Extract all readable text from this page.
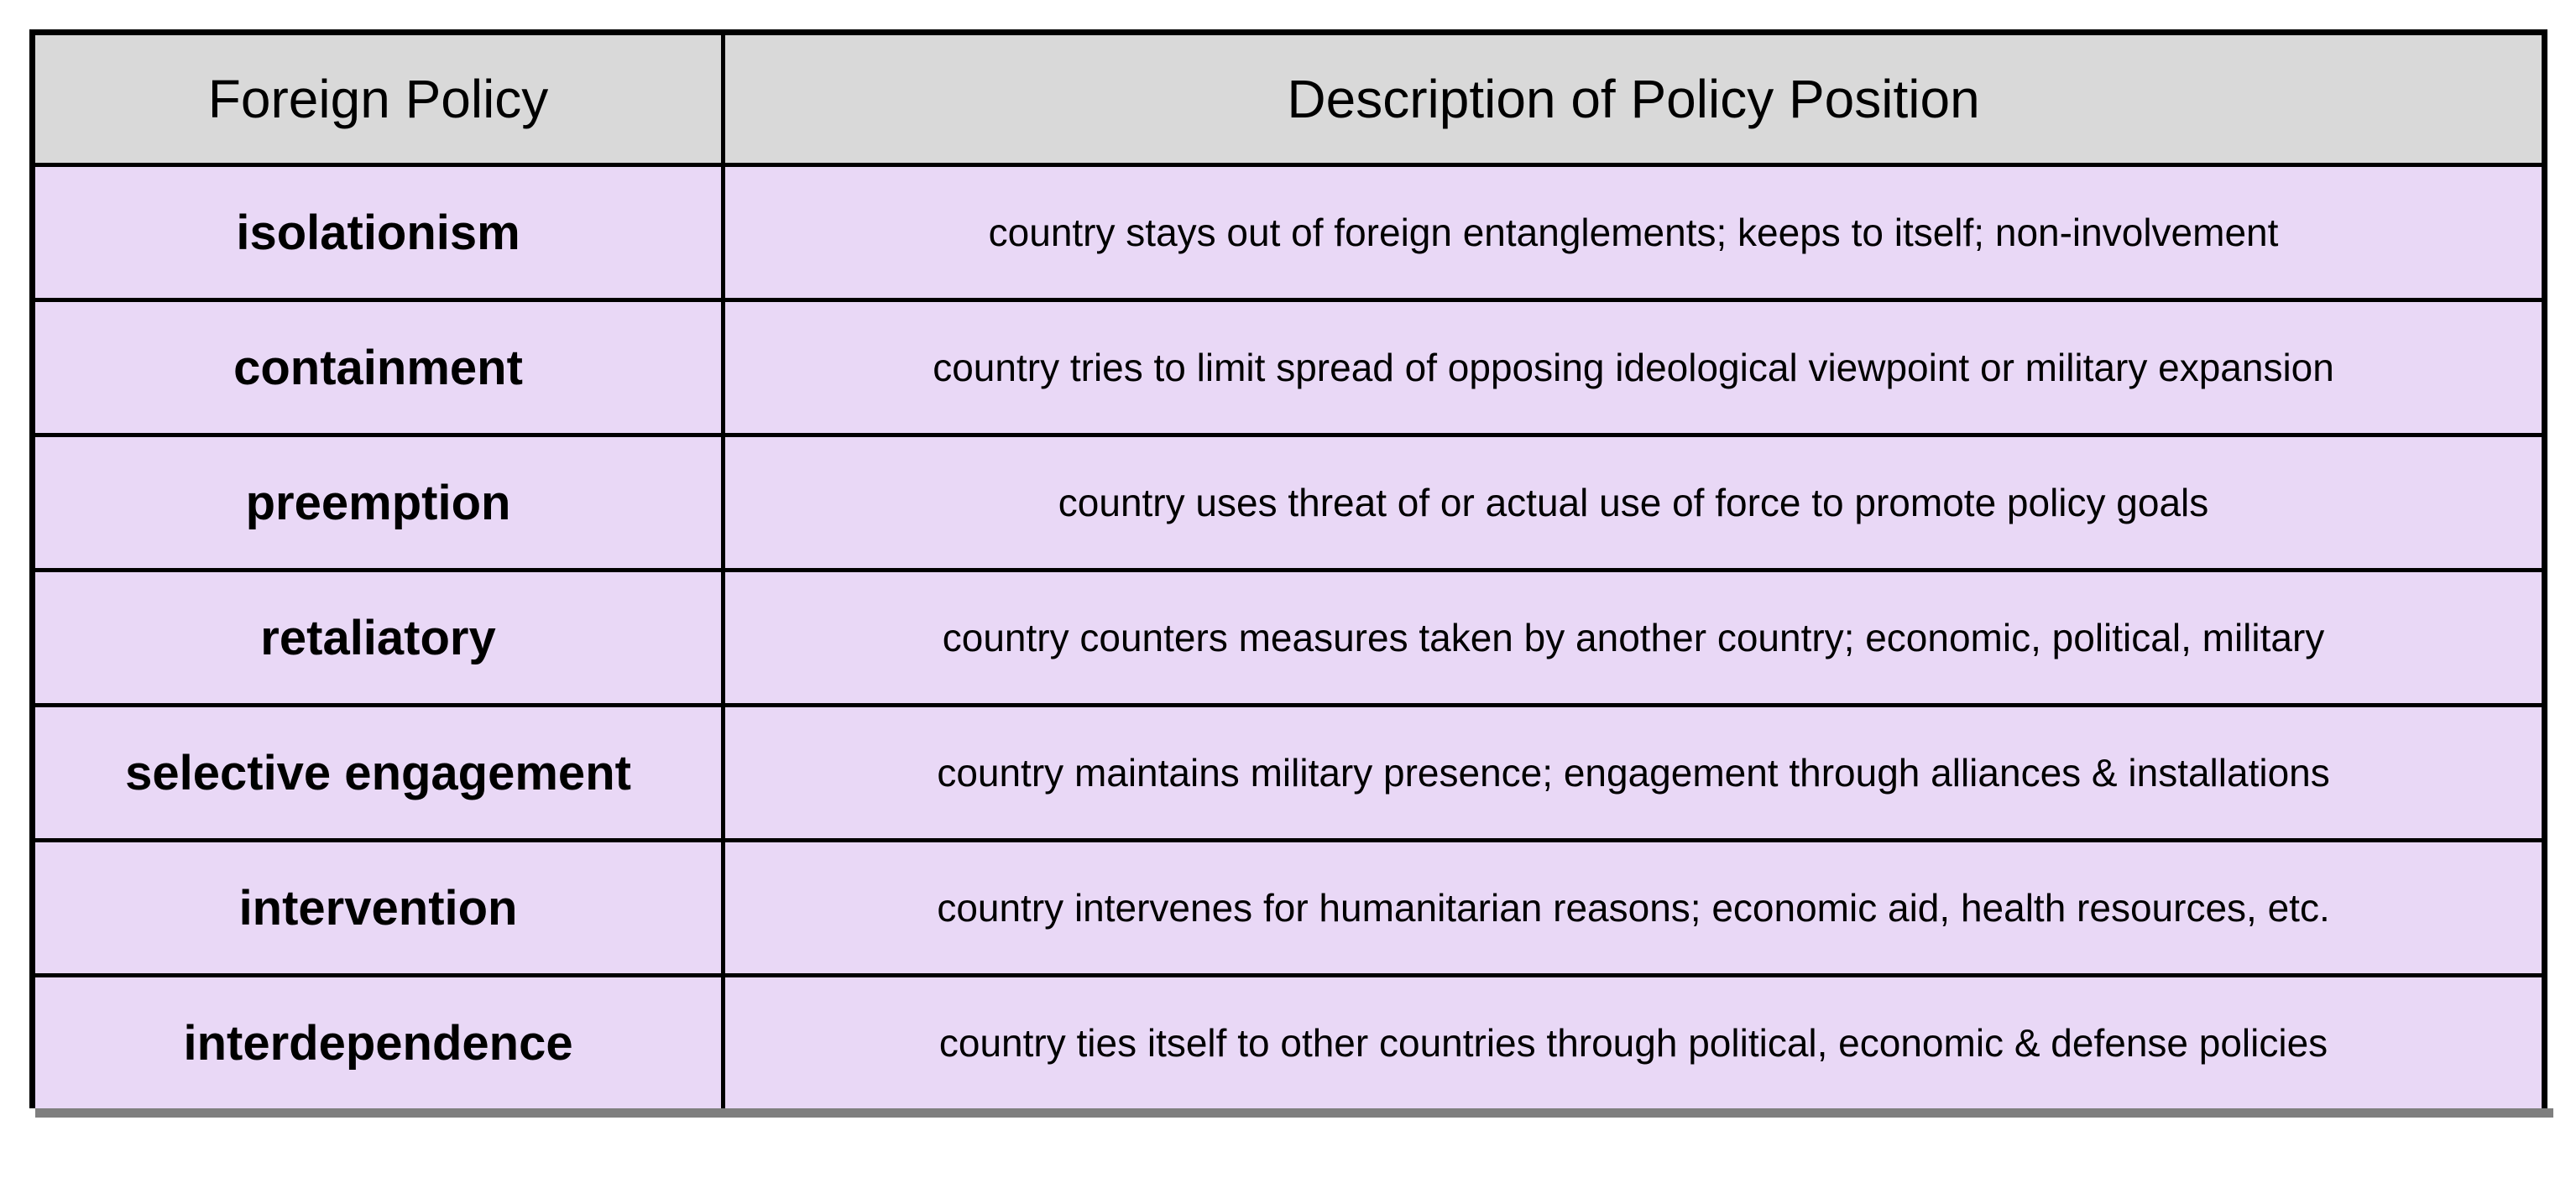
Foreign Policy	Description of Policy Position
isolationism	country stays out of foreign entanglements; keeps to itself; non-involvement
containment	country tries to limit spread of opposing ideological viewpoint or military expansion
preemption	country uses threat of or actual use of force to promote policy goals
retaliatory	country counters measures taken by another country; economic, political, military
selective engagement	country maintains military presence; engagement through alliances & installations
intervention	country intervenes for humanitarian reasons; economic aid, health resources, etc.
interdependence	country ties itself to other countries through political, economic & defense policies
